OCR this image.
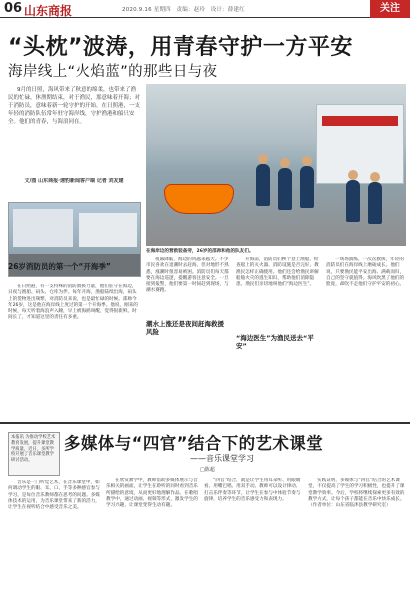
06 山东商报	2020.9.16 星期四　责编：赵玲　设计：薛建红	关注
“头枕”波涛，用青春守护一方平安
海岸线上“火焰蓝”的那些日与夜

9月的日照，海风带来了秋意的绵柔，也带来了渔民的忙碌。休渔期结束，对于渔民，那意味着开海；对于消防员，意味着新一轮守护的开始。在日照港，一支年轻的消防队伍常年驻守海岸线，守护渔港和船只安全。他们的青春，与海浪同在。

文/图 山东商报·速豹新闻客户端 记者 刘友建
在海岸边的营救装备旁，26岁的邵帅和他的队友们。
26岁消防员的第一个“开海季”

在日照港，有一支特殊的消防救援力量，他们驻守在海边，日夜与渔船、码头、仓库为伴。每年开海，渔船陆续出海，码头上的货物进出频繁，对消防员来说，也是最忙碌的时候。邵帅今年26岁，这是他在海岸线上度过的第一个开海季。他说，刚来的时候，每天听着海浪声入睡，早上被海鸥叫醒，觉得很新鲜。时间长了，才知道这里的责任有多重。

潮水上涨还是夜间赶海救援风险

夜幕降临，海边的风越来越大。不少市民喜欢在退潮时去赶海，但对地形不熟悉，涨潮时很容易被困。消防员们每天都要在海边巡逻，提醒游客注意安全。一旦接到报警，他们要第一时间赶到现场，与潮水赛跑。

“海边医生”为渔民送去“平安”

开海前，消防员们挨个登上渔船，检查船上的灭火器、消防设施是否完好，教渔民怎样正确使用。他们还会给渔民讲解船舶火灾的逃生知识，帮助他们消除隐患。渔民们亲切地叫他们“海边医生”。

一场场演练，一次次救援，年轻的消防员们在海岸线上磨砺成长。他们说，只要渔民能平安出海、满载而归，自己的坚守就值得。海风吹黑了他们的脸庞，却吹不走他们守护平安的初心。

本报讯 为推动学校艺术教育发展，提升课堂教学质量，近日，多所学校开展了音乐课堂教学研讨活动。
多媒体与“四官”结合下的艺术课堂
——音乐课堂学习
□陈超

音乐是一门听觉艺术，在音乐课堂中，如何调动学生的眼、耳、口、手等多种感官参与学习，是每位音乐教师都在思考的问题。多媒体技术的运用，为音乐课堂带来了新的活力，让学生在视听结合中感受音乐之美。

在欣赏教学中，教师借助多媒体展示与音乐相关的画面，让学生在聆听的同时看到音乐所描绘的意境，从而更好地理解作品。在歌唱教学中，通过动画、视频等形式，激发学生的学习兴趣，让课堂变得生动有趣。

“四官”结合，就是让学生用耳朵听、用眼睛看、用嘴巴唱、用双手动。教师可以设计律动、打击乐伴奏等环节，让学生在参与中体验节奏与旋律，培养学生的音乐感受力和表现力。

实践证明，多媒体与“四官”结合的艺术课堂，不仅提高了学生的学习积极性，也提升了课堂教学效率。今后，学校将继续探索更多有效的教学方式，让每个孩子都能在音乐中快乐成长。（作者单位：山东省临沭县教学研究室）
